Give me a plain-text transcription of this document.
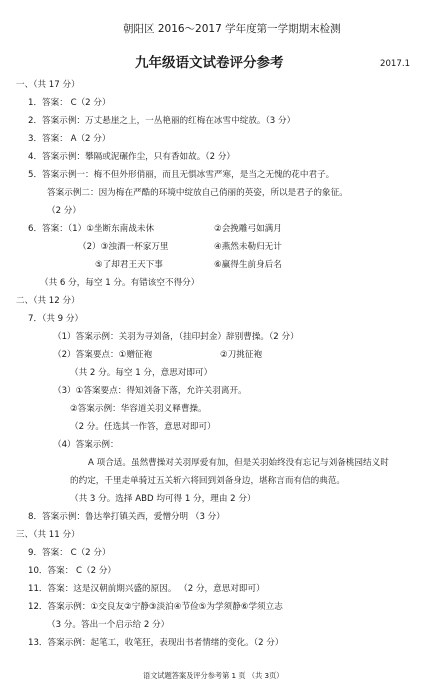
朝阳区 2016～2017 学年度第一学期期末检测
九年级语文试卷评分参考	2017.1
一、（共 17 分）
1．答案： C（2 分）
2．答案示例：万丈悬崖之上，一丛艳丽的红梅在冰雪中绽放。（3 分）
3．答案： A（2 分）
4．答案示例：攀隔或泥碾作尘，只有香如故。（2 分）
5．答案示例一：梅不但外形俏丽，而且无惧冰雪严寒，是当之无愧的花中君子。
答案示例二：因为梅在严酷的环境中绽放自己俏丽的英姿，所以是君子的象征。
（2 分）
6．答案：（1）①坐断东南战未休	②会挽雕弓如满月
（2）③浊酒一杯家万里	④燕然未勒归无计
⑤了却君王天下事	⑥赢得生前身后名
（共 6 分，每空 1 分。有错该空不得分）
二、（共 12 分）
7．（共 9 分）
（1）答案示例：关羽为寻刘备，（挂印封金）辞别曹操。（2 分）
（2）答案要点：①赠征袍	②刀挑征袍
（共 2 分。每空 1 分，意思对即可）
（3）①答案要点：得知刘备下落，允许关羽离开。
②答案示例：华容道关羽义释曹操。
（2 分。任选其一作答，意思对即可）
（4）答案示例：
A 项合适。虽然曹操对关羽厚爱有加，但是关羽始终没有忘记与刘备桃园结义时
的约定，千里走单骑过五关斩六将回到刘备身边，堪称言而有信的典范。
（共 3 分。选择 ABD 均可得 1 分，理由 2 分）
8．答案示例：鲁达拳打镇关西，爱憎分明 （3 分）
三、（共 11 分）
9．答案： C（2 分）
10．答案： C（2 分）
11．答案：这是汉朝前期兴盛的原因。 （2 分，意思对即可）
12．答案示例：①交良友②宁静③淡泊④节俭⑤为学须静⑥学须立志
（3 分。答出一个启示给 2 分）
13．答案示例：起笔工，收笔狂，表现出书者情绪的变化。（2 分）
语文试题答案及评分参考第 1 页 （共 3页）
